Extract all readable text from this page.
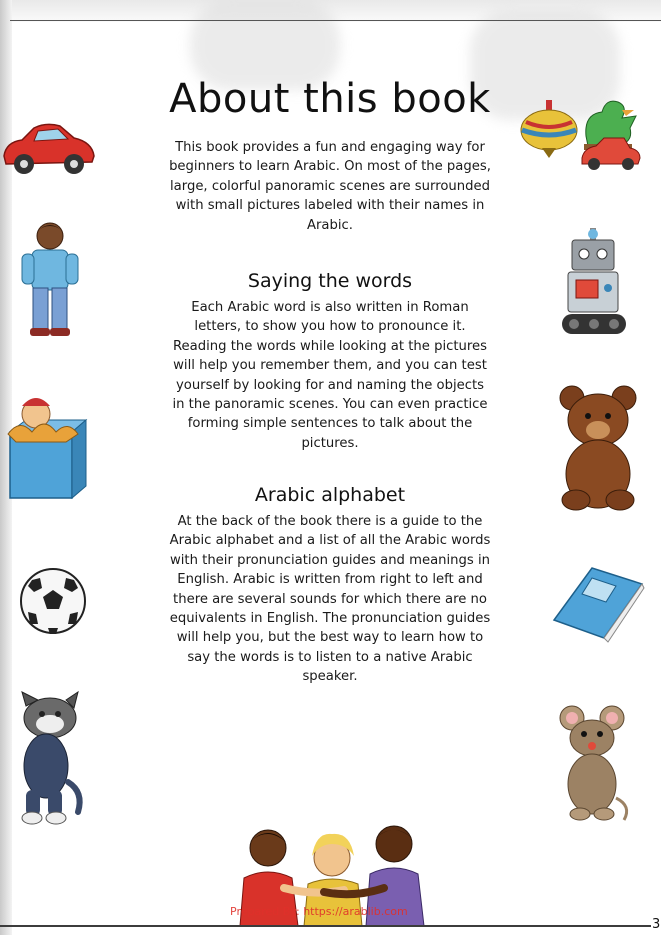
About this book

This book provides a fun and engaging way for beginners to learn Arabic. On most of the pages, large, colorful panoramic scenes are surrounded with small pictures labeled with their names in Arabic.

Saying the words

Each Arabic word is also written in Roman letters, to show you how to pronounce it. Reading the words while looking at the pictures will help you remember them, and you can test yourself by looking for and naming the objects in the panoramic scenes. You can even practice forming simple sentences to talk about the pictures.

Arabic alphabet

At the back of the book there is a guide to the Arabic alphabet and a list of all the Arabic words with their pronunciation guides and meanings in English. Arabic is written from right to left and there are several sounds for which there are no equivalents in English. The pronunciation guides will help you, but the best way to learn how to say the words is to listen to a native Arabic speaker.

Prepared By: https://arablib.com
3
